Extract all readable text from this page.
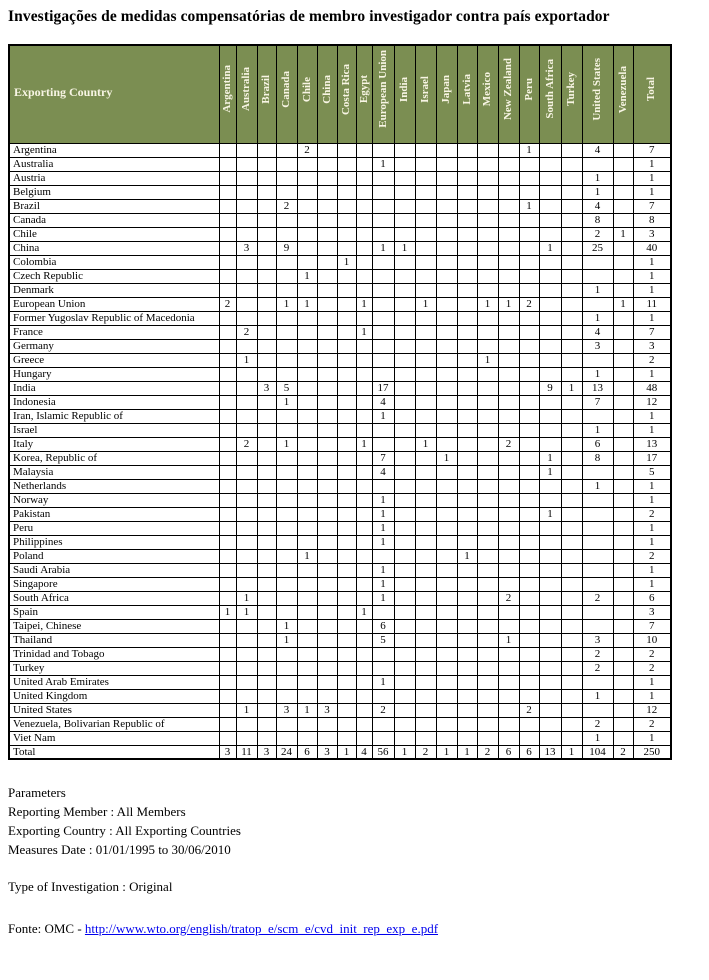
Investigações de medidas compensatórias de membro investigador contra país exportador
Exporting Country	Argentina	Australia	Brazil	Canada	Chile	China	Costa Rica	Egypt	European Union	India	Israel	Japan	Latvia	Mexico	New Zealand	Peru	South Africa	Turkey	United States	Venezuela	Total

Argentina					2											1			4		7
Australia									1												1
Austria																			1		1
Belgium																			1		1
Brazil				2												1			4		7
Canada																			8		8
Chile																			2	1	3
China		3		9					1	1							1		25		40
Colombia							1														1
Czech Republic					1																1
Denmark																			1		1
European Union	2			1	1			1			1			1	1	2				1	11
Former Yugoslav Republic of Macedonia																			1		1
France		2						1											4		7
Germany																			3		3
Greece		1												1							2
Hungary																			1		1
India			3	5					17								9	1	13		48
Indonesia				1					4										7		12
Iran, Islamic Republic of									1												1
Israel																			1		1
Italy		2		1				1			1				2				6		13
Korea, Republic of									7			1					1		8		17
Malaysia									4								1				5
Netherlands																			1		1
Norway									1												1
Pakistan									1								1				2
Peru									1												1
Philippines									1												1
Poland					1								1								2
Saudi Arabia									1												1
Singapore									1												1
South Africa		1							1						2				2		6
Spain	1	1						1													3
Taipei, Chinese				1					6												7
Thailand				1					5						1				3		10
Trinidad and Tobago																			2		2
Turkey																			2		2
United Arab Emirates									1												1
United Kingdom																			1		1
United States		1		3	1	3			2							2					12
Venezuela, Bolivarian Republic of																			2		2
Viet Nam																			1		1
Total	3	11	3	24	6	3	1	4	56	1	2	1	1	2	6	6	13	1	104	2	250
Parameters
Reporting Member : All Members
Exporting Country : All Exporting Countries
Measures Date : 01/01/1995 to 30/06/2010
Type of Investigation : Original
Fonte: OMC - http://www.wto.org/english/tratop_e/scm_e/cvd_init_rep_exp_e.pdf
